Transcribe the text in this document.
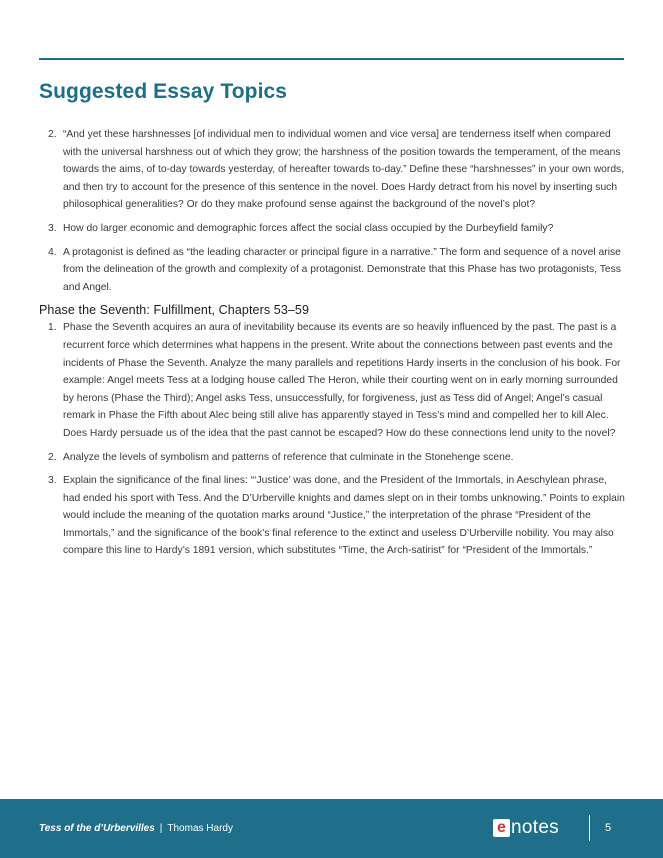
Suggested Essay Topics
2. “And yet these harshnesses [of individual men to individual women and vice versa] are tenderness itself when compared with the universal harshness out of which they grow; the harshness of the position towards the temperament, of the means towards the aims, of to-day towards yesterday, of hereafter towards to-day.” Define these “harshnesses” in your own words, and then try to account for the presence of this sentence in the novel. Does Hardy detract from his novel by inserting such philosophical generalities? Or do they make profound sense against the background of the novel’s plot?
3. How do larger economic and demographic forces affect the social class occupied by the Durbeyfield family?
4. A protagonist is defined as “the leading character or principal figure in a narrative.” The form and sequence of a novel arise from the delineation of the growth and complexity of a protagonist. Demonstrate that this Phase has two protagonists, Tess and Angel.
Phase the Seventh: Fulfillment, Chapters 53–59
1. Phase the Seventh acquires an aura of inevitability because its events are so heavily influenced by the past. The past is a recurrent force which determines what happens in the present. Write about the connections between past events and the incidents of Phase the Seventh. Analyze the many parallels and repetitions Hardy inserts in the conclusion of his book. For example: Angel meets Tess at a lodging house called The Heron, while their courting went on in early morning surrounded by herons (Phase the Third); Angel asks Tess, unsuccessfully, for forgiveness, just as Tess did of Angel; Angel’s casual remark in Phase the Fifth about Alec being still alive has apparently stayed in Tess’s mind and compelled her to kill Alec. Does Hardy persuade us of the idea that the past cannot be escaped? How do these connections lend unity to the novel?
2. Analyze the levels of symbolism and patterns of reference that culminate in the Stonehenge scene.
3. Explain the significance of the final lines: “‘Justice’ was done, and the President of the Immortals, in Aeschylean phrase, had ended his sport with Tess. And the D’Urberville knights and dames slept on in their tombs unknowing.” Points to explain would include the meaning of the quotation marks around “Justice,” the interpretation of the phrase “President of the Immortals,” and the significance of the book’s final reference to the extinct and useless D’Urberville nobility. You may also compare this line to Hardy’s 1891 version, which substitutes “Time, the Arch-satirist” for “President of the Immortals.”
Tess of the d’Urbervilles | Thomas Hardy	e notes	5
